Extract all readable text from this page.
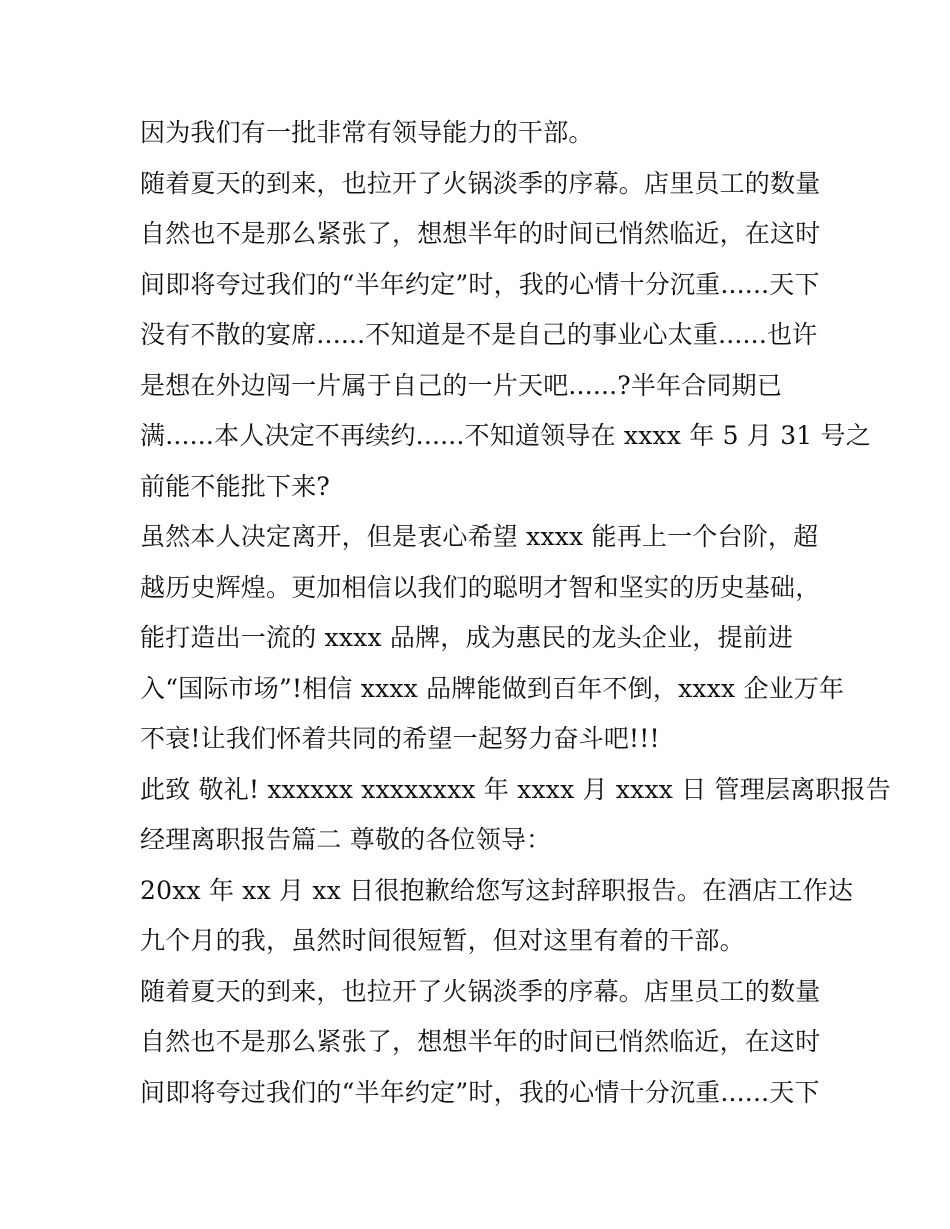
因为我们有一批非常有领导能力的干部。
随着夏天的到来，也拉开了火锅淡季的序幕。店里员工的数量
自然也不是那么紧张了，想想半年的时间已悄然临近，在这时
间即将夸过我们的“半年约定”时，我的心情十分沉重......天下
没有不散的宴席......不知道是不是自己的事业心太重......也许
是想在外边闯一片属于自己的一片天吧......?半年合同期已
满......本人决定不再续约......不知道领导在 xxxx 年 5 月 31 号之
前能不能批下来?
虽然本人决定离开，但是衷心希望 xxxx 能再上一个台阶，超
越历史辉煌。更加相信以我们的聪明才智和坚实的历史基础，
能打造出一流的 xxxx 品牌，成为惠民的龙头企业，提前进
入“国际市场”!相信 xxxx 品牌能做到百年不倒，xxxx 企业万年
不衰!让我们怀着共同的希望一起努力奋斗吧!!!
此致 敬礼! xxxxxx xxxxxxxx 年 xxxx 月 xxxx 日 管理层离职报告
经理离职报告篇二 尊敬的各位领导：
20xx 年 xx 月 xx 日很抱歉给您写这封辞职报告。在酒店工作达
九个月的我，虽然时间很短暂，但对这里有着的干部。
随着夏天的到来，也拉开了火锅淡季的序幕。店里员工的数量
自然也不是那么紧张了，想想半年的时间已悄然临近，在这时
间即将夸过我们的“半年约定”时，我的心情十分沉重......天下
